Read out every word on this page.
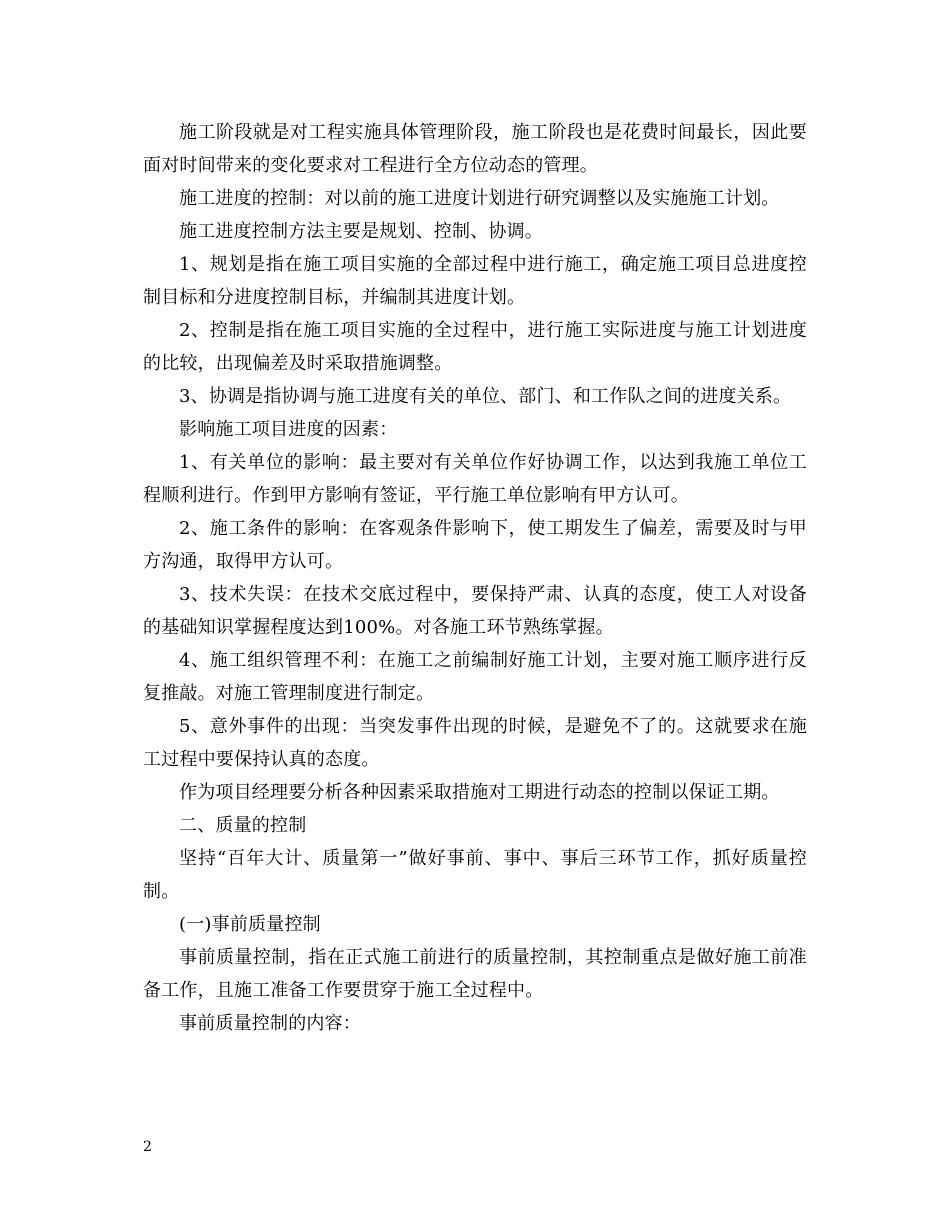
施工阶段就是对工程实施具体管理阶段，施工阶段也是花费时间最长，因此要面对时间带来的变化要求对工程进行全方位动态的管理。

施工进度的控制：对以前的施工进度计划进行研究调整以及实施施工计划。

施工进度控制方法主要是规划、控制、协调。

1、规划是指在施工项目实施的全部过程中进行施工，确定施工项目总进度控制目标和分进度控制目标，并编制其进度计划。

2、控制是指在施工项目实施的全过程中，进行施工实际进度与施工计划进度的比较，出现偏差及时采取措施调整。

3、协调是指协调与施工进度有关的单位、部门、和工作队之间的进度关系。

影响施工项目进度的因素：

1、有关单位的影响：最主要对有关单位作好协调工作，以达到我施工单位工程顺利进行。作到甲方影响有签证，平行施工单位影响有甲方认可。

2、施工条件的影响：在客观条件影响下，使工期发生了偏差，需要及时与甲方沟通，取得甲方认可。

3、技术失误：在技术交底过程中，要保持严肃、认真的态度，使工人对设备的基础知识掌握程度达到100%。对各施工环节熟练掌握。

4、施工组织管理不利：在施工之前编制好施工计划，主要对施工顺序进行反复推敲。对施工管理制度进行制定。

5、意外事件的出现：当突发事件出现的时候，是避免不了的。这就要求在施工过程中要保持认真的态度。

作为项目经理要分析各种因素采取措施对工期进行动态的控制以保证工期。

二、质量的控制

坚持“百年大计、质量第一”做好事前、事中、事后三环节工作，抓好质量控制。

(一)事前质量控制

事前质量控制，指在正式施工前进行的质量控制，其控制重点是做好施工前准备工作，且施工准备工作要贯穿于施工全过程中。

事前质量控制的内容：

2
